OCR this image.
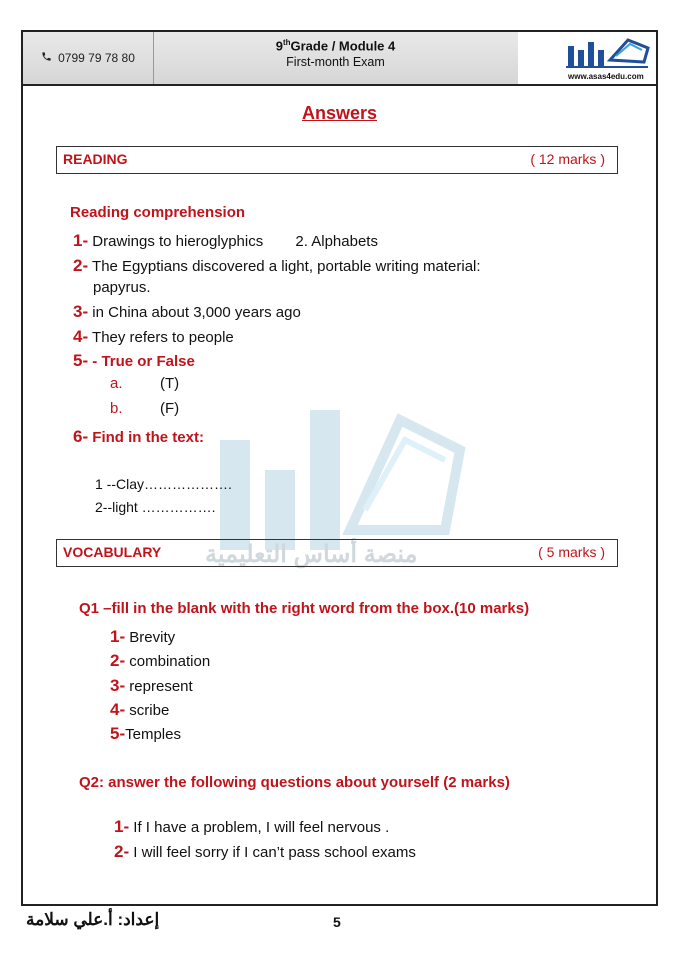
0799 79 78 80
9thGrade / Module 4
First-month Exam
www.asas4edu.com
منصة أساس التعليمية
Answers
READING	( 12 marks )
Reading comprehension
1- Drawings to hieroglyphics 2. Alphabets
2- The Egyptians discovered a light, portable writing material:
papyrus.
3- in China about 3,000 years ago
4- They refers to people
5- - True or False
a. (T)
b. (F)
6- Find in the text:
1 --Clay……………….
2--light …………….
VOCABULARY	( 5 marks )
Q1 –fill in the blank with the right word from the box.(10 marks)
1- Brevity
2- combination
3- represent
4- scribe
5-Temples
Q2: answer the following questions about yourself (2 marks)
1- If I have a problem, I will feel nervous .
2- I will feel sorry if I can’t pass school exams
إعداد: أ.علي سلامة	5
